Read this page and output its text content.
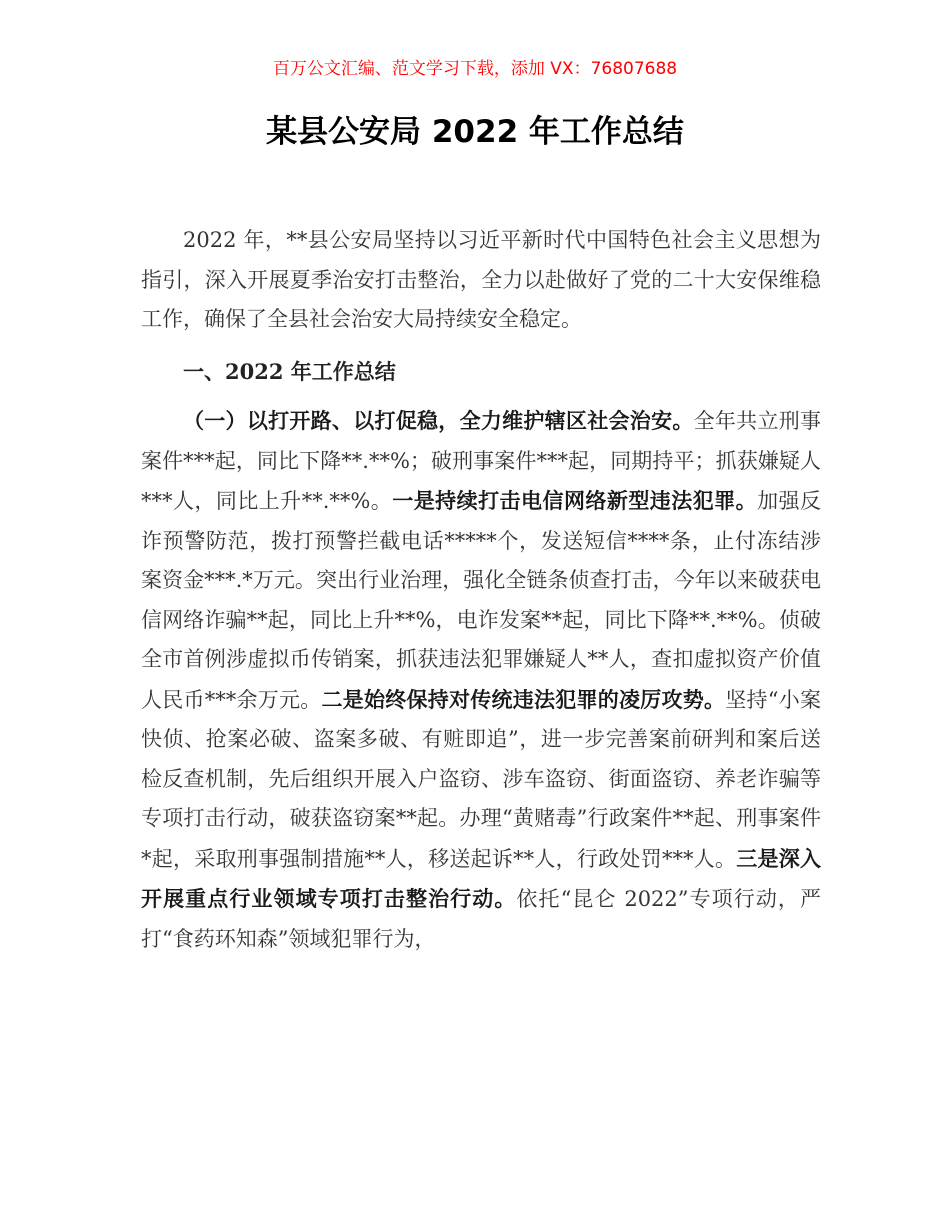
百万公文汇编、范文学习下载，添加 VX：76807688
某县公安局 2022 年工作总结

2022 年，**县公安局坚持以习近平新时代中国特色社会主义思想为指引，深入开展夏季治安打击整治，全力以赴做好了党的二十大安保维稳工作，确保了全县社会治安大局持续安全稳定。

一、2022 年工作总结

（一）以打开路、以打促稳，全力维护辖区社会治安。全年共立刑事案件***起，同比下降**.**%；破刑事案件***起，同期持平；抓获嫌疑人***人，同比上升**.**%。一是持续打击电信网络新型违法犯罪。加强反诈预警防范，拨打预警拦截电话*****个，发送短信****条，止付冻结涉案资金***.*万元。突出行业治理，强化全链条侦查打击，今年以来破获电信网络诈骗**起，同比上升**%，电诈发案**起，同比下降**.**%。侦破全市首例涉虚拟币传销案，抓获违法犯罪嫌疑人**人，查扣虚拟资产价值人民币***余万元。二是始终保持对传统违法犯罪的凌厉攻势。坚持“小案快侦、抢案必破、盗案多破、有赃即追”，进一步完善案前研判和案后送检反查机制，先后组织开展入户盗窃、涉车盗窃、街面盗窃、养老诈骗等专项打击行动，破获盗窃案**起。办理“黄赌毒”行政案件**起、刑事案件*起，采取刑事强制措施**人，移送起诉**人，行政处罚***人。三是深入开展重点行业领域专项打击整治行动。依托“昆仑 2022”专项行动，严打“食药环知森”领域犯罪行为，
